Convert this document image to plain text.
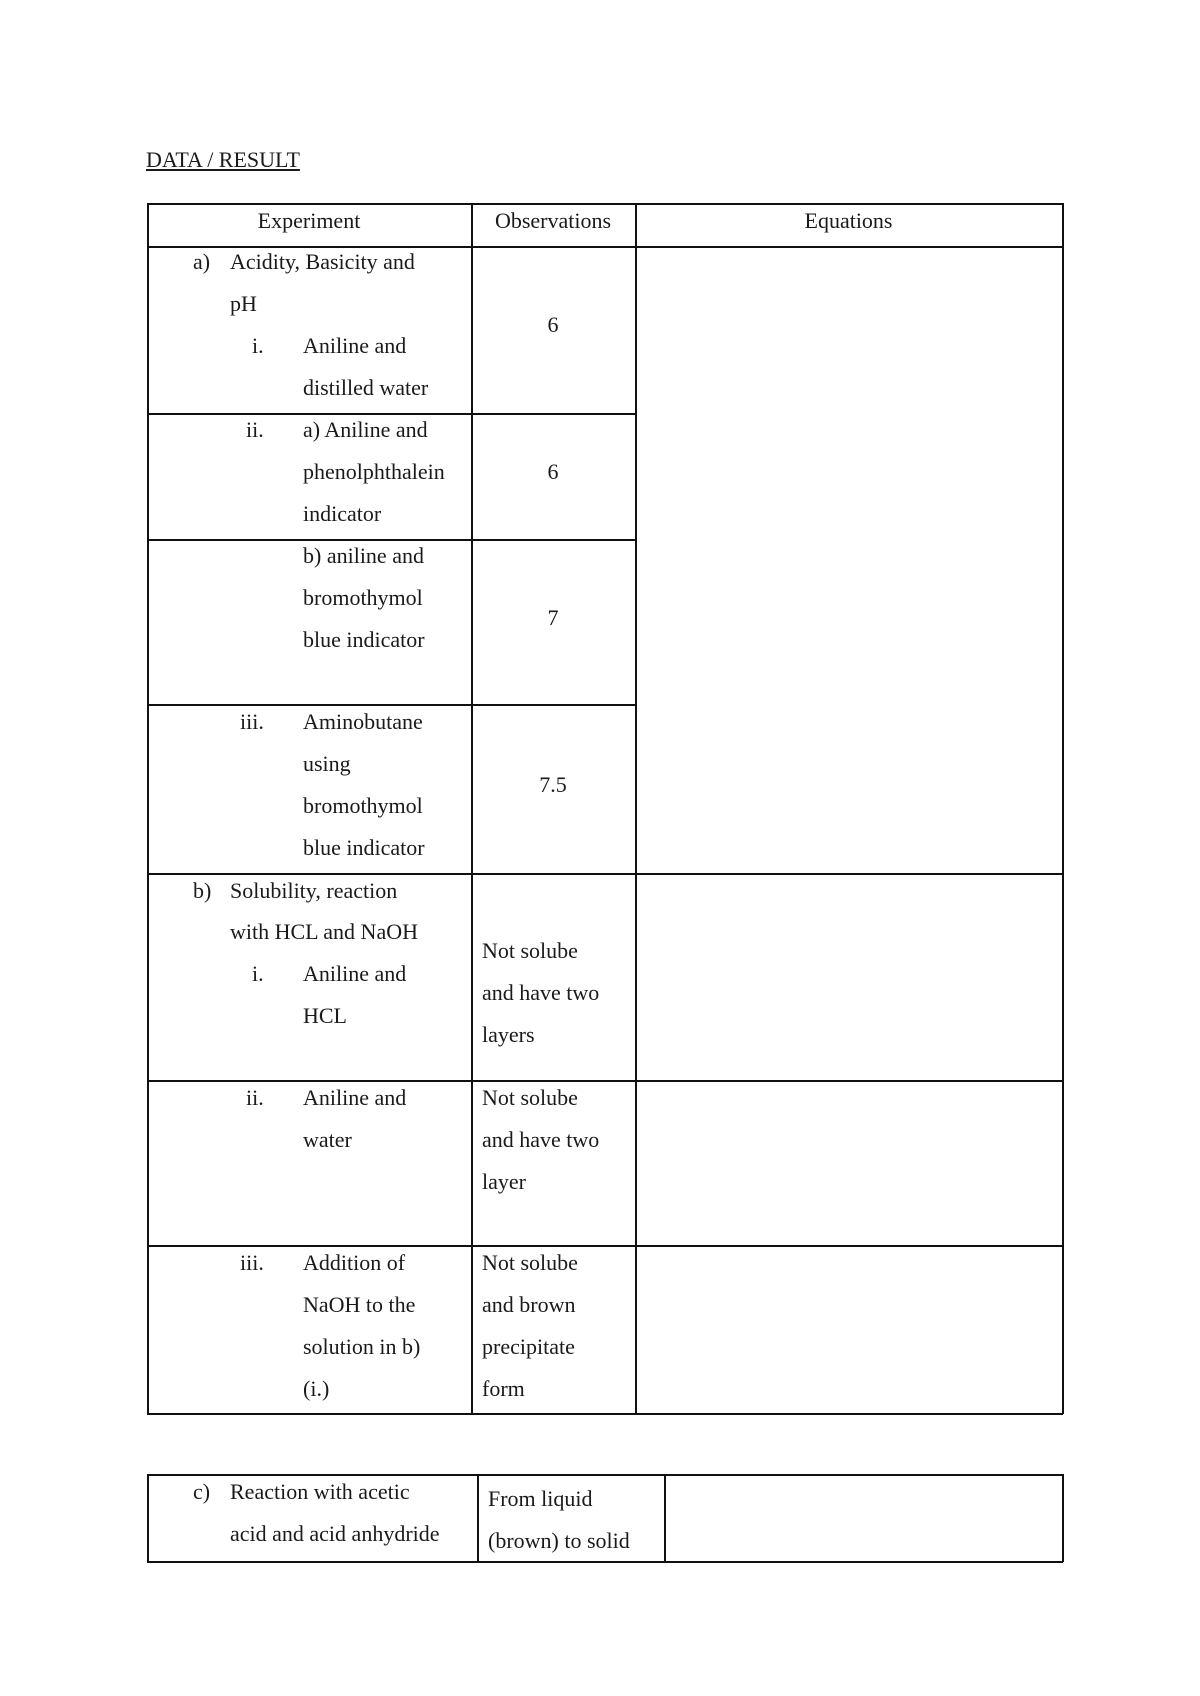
DATA / RESULT
Experiment	Observations	Equations
a) Acidity, Basicity and
pH
i. Aniline and
distilled water
6
ii. a) Aniline and
phenolphthalein
indicator
6
b) aniline and
bromothymol
blue indicator
7
iii. Aminobutane
using
bromothymol
blue indicator
7.5
b) Solubility, reaction
with HCL and NaOH
i. Aniline and
HCL
Not solube
and have two
layers
ii. Aniline and
water
Not solube
and have two
layer
iii. Addition of
NaOH to the
solution in b)
(i.)
Not solube
and brown
precipitate
form
c) Reaction with acetic
acid and acid anhydride
From liquid
(brown) to solid
